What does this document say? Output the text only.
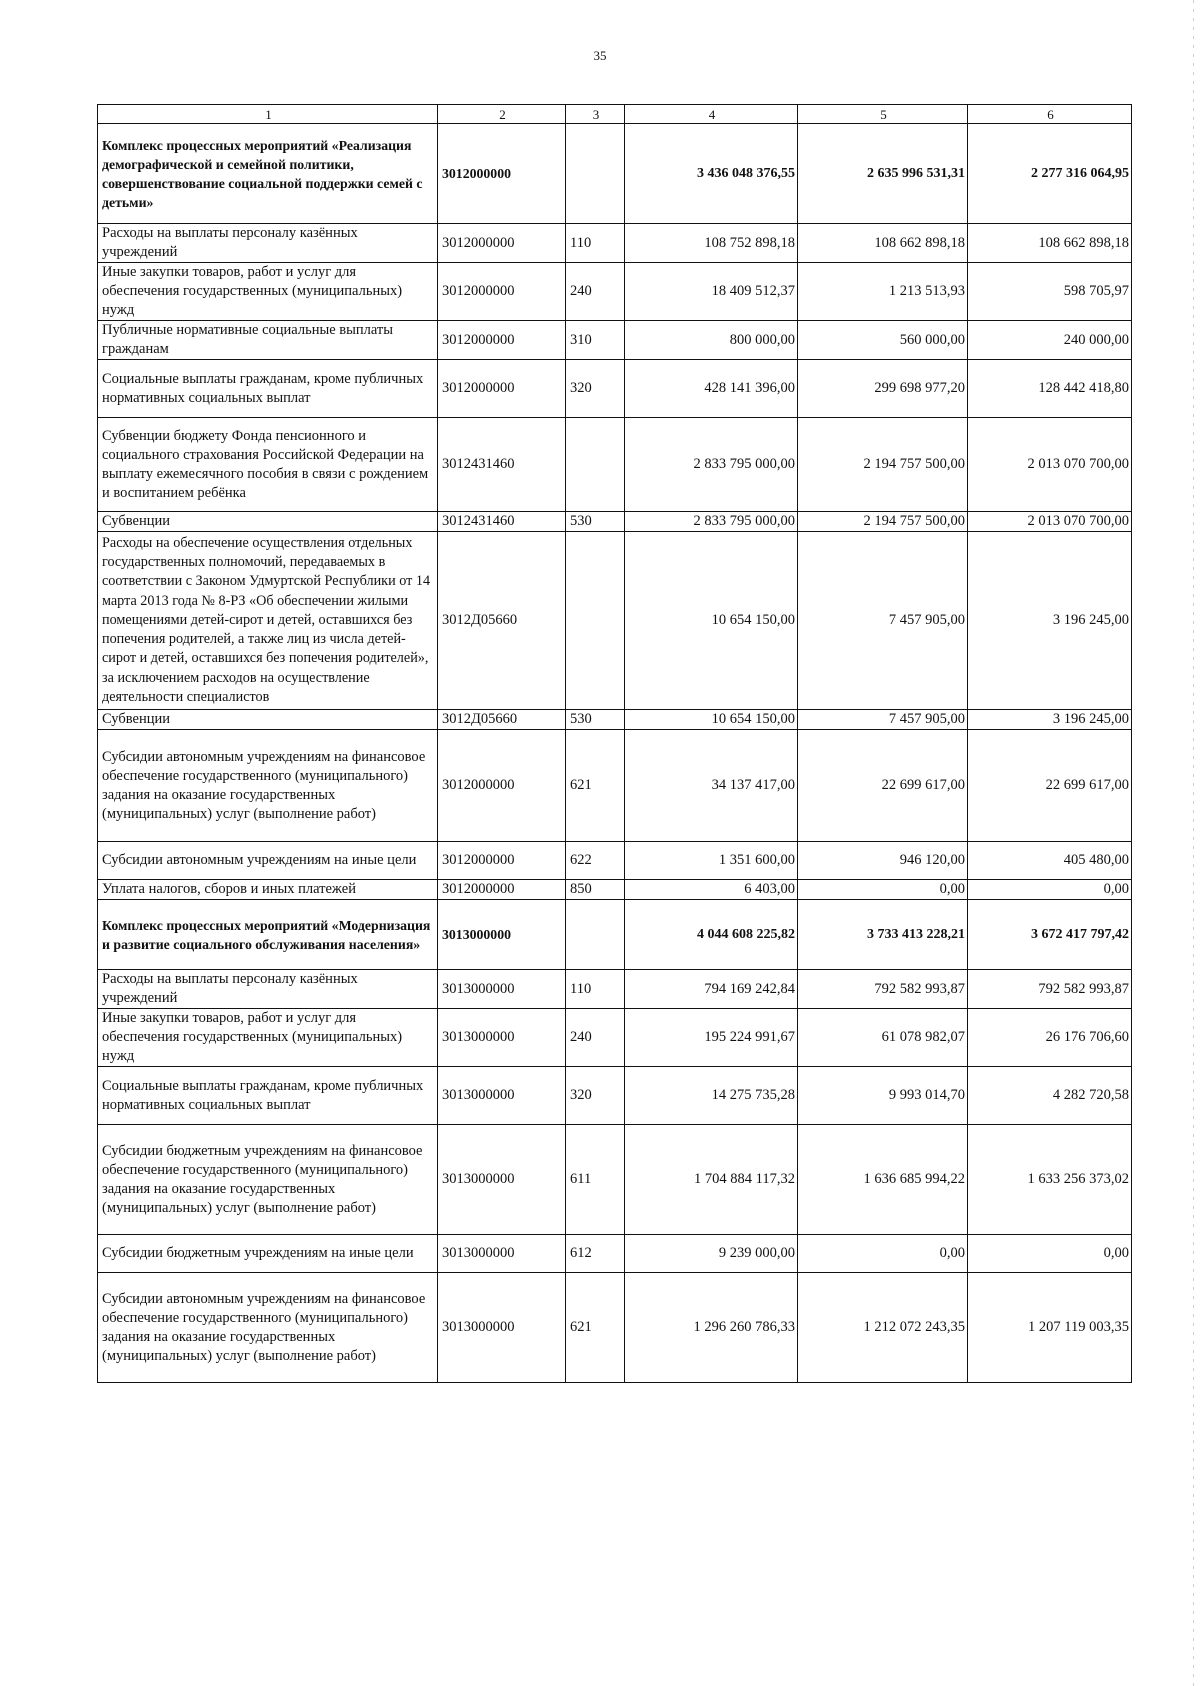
35
1	2	3	4	5	6
Комплекс процессных мероприятий «Реализация демографической и семейной политики, совершенствование социальной поддержки семей с детьми»	3012000000		3 436 048 376,55	2 635 996 531,31	2 277 316 064,95
Расходы на выплаты персоналу казённых учреждений	3012000000	110	108 752 898,18	108 662 898,18	108 662 898,18
Иные закупки товаров, работ и услуг для обеспечения государственных (муниципальных) нужд	3012000000	240	18 409 512,37	1 213 513,93	598 705,97
Публичные нормативные социальные выплаты гражданам	3012000000	310	800 000,00	560 000,00	240 000,00
Социальные выплаты гражданам, кроме публичных нормативных социальных выплат	3012000000	320	428 141 396,00	299 698 977,20	128 442 418,80
Субвенции бюджету Фонда пенсионного и социального страхования Российской Федерации на выплату ежемесячного пособия в связи с рождением и воспитанием ребёнка	3012431460		2 833 795 000,00	2 194 757 500,00	2 013 070 700,00
Субвенции	3012431460	530	2 833 795 000,00	2 194 757 500,00	2 013 070 700,00

Расходы на обеспечение осуществления отдельных государственных полномочий, передаваемых в соответствии с Законом Удмуртской Республики от 14 марта 2013 года № 8-РЗ «Об обеспечении жилыми помещениями детей-сирот и детей, оставшихся без попечения родителей, а также лиц из числа детей-сирот и детей, оставшихся без попечения родителей», за исключением расходов на осуществление деятельности специалистов	3012Д05660		10 654 150,00	7 457 905,00	3 196 245,00
Субвенции	3012Д05660	530	10 654 150,00	7 457 905,00	3 196 245,00
Субсидии автономным учреждениям на финансовое обеспечение государственного (муниципального) задания на оказание государственных (муниципальных) услуг (выполнение работ)	3012000000	621	34 137 417,00	22 699 617,00	22 699 617,00
Субсидии автономным учреждениям на иные цели	3012000000	622	1 351 600,00	946 120,00	405 480,00
Уплата налогов, сборов и иных платежей	3012000000	850	6 403,00	0,00	0,00
Комплекс процессных мероприятий «Модернизация и развитие социального обслуживания населения»	3013000000		4 044 608 225,82	3 733 413 228,21	3 672 417 797,42
Расходы на выплаты персоналу казённых учреждений	3013000000	110	794 169 242,84	792 582 993,87	792 582 993,87
Иные закупки товаров, работ и услуг для обеспечения государственных (муниципальных) нужд	3013000000	240	195 224 991,67	61 078 982,07	26 176 706,60
Социальные выплаты гражданам, кроме публичных нормативных социальных выплат	3013000000	320	14 275 735,28	9 993 014,70	4 282 720,58
Субсидии бюджетным учреждениям на финансовое обеспечение государственного (муниципального) задания на оказание государственных (муниципальных) услуг (выполнение работ)	3013000000	611	1 704 884 117,32	1 636 685 994,22	1 633 256 373,02
Субсидии бюджетным учреждениям на иные цели	3013000000	612	9 239 000,00	0,00	0,00
Субсидии автономным учреждениям на финансовое обеспечение государственного (муниципального) задания на оказание государственных (муниципальных) услуг (выполнение работ)	3013000000	621	1 296 260 786,33	1 212 072 243,35	1 207 119 003,35
